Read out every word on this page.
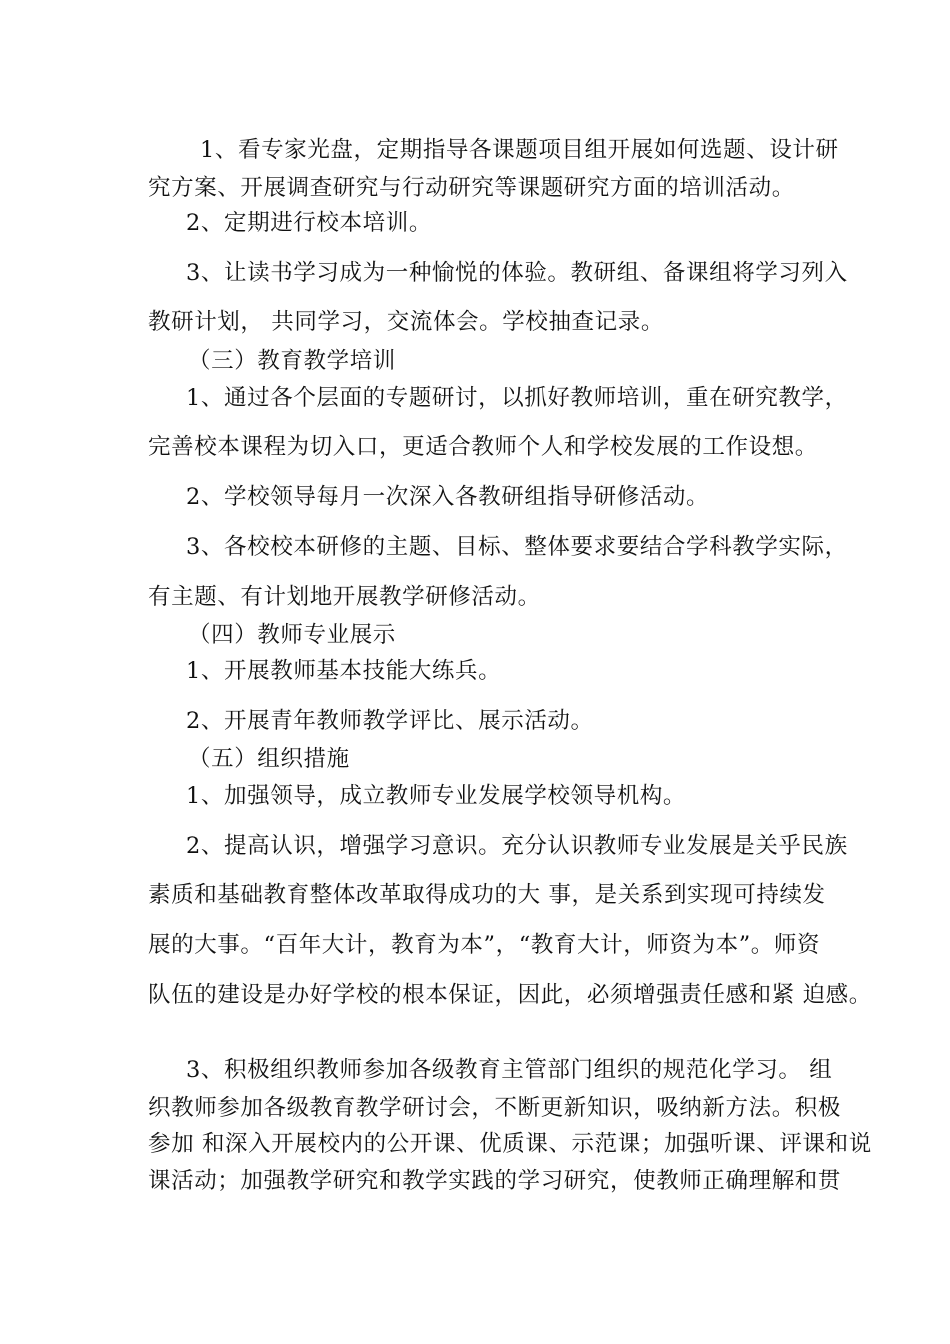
1、看专家光盘，定期指导各课题项目组开展如何选题、设计研
究方案、开展调查研究与行动研究等课题研究方面的培训活动。
2、定期进行校本培训。
3、让读书学习成为一种愉悦的体验。教研组、备课组将学习列入
教研计划， 共同学习，交流体会。学校抽查记录。
（三）教育教学培训
1、通过各个层面的专题研讨，以抓好教师培训，重在研究教学，
完善校本课程为切入口，更适合教师个人和学校发展的工作设想。
2、学校领导每月一次深入各教研组指导研修活动。
3、各校校本研修的主题、目标、整体要求要结合学科教学实际，
有主题、有计划地开展教学研修活动。
（四）教师专业展示
1、开展教师基本技能大练兵。
2、开展青年教师教学评比、展示活动。
（五）组织措施
1、加强领导，成立教师专业发展学校领导机构。
2、提高认识，增强学习意识。充分认识教师专业发展是关乎民族
素质和基础教育整体改革取得成功的大 事，是关系到实现可持续发
展的大事。“百年大计，教育为本”，“教育大计，师资为本”。师资
队伍的建设是办好学校的根本保证，因此，必须增强责任感和紧 迫感。
3、积极组织教师参加各级教育主管部门组织的规范化学习。 组
织教师参加各级教育教学研讨会，不断更新知识，吸纳新方法。积极
参加 和深入开展校内的公开课、优质课、示范课；加强听课、评课和说
课活动；加强教学研究和教学实践的学习研究，使教师正确理解和贯
